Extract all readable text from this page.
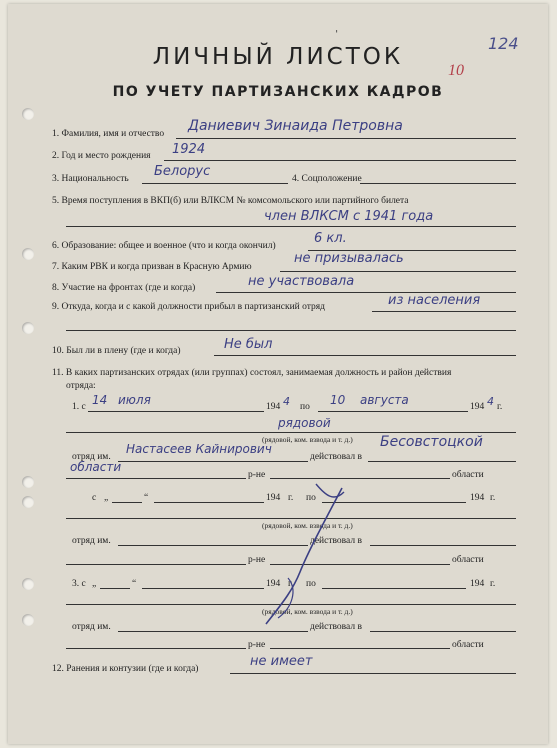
ˈ
ЛИЧНЫЙ ЛИСТОК
ПО УЧЕТУ ПАРТИЗАНСКИХ КАДРОВ
124
10
1. Фамилия, имя и отчество Даниевич Зинаида Петровна
2. Год и место рождения 1924
3. Национальность Белорус	4. Соцположение
5. Время поступления в ВКП(б) или ВЛКСМ № комсомольского или партийного билета
член ВЛКСМ с 1941 года
6. Образование: общее и военное (что и когда окончил)	6 кл.
7. Каким РВК и когда призван в Красную Армию
не призывалась
8. Участие на фронтах (где и когда)	не участвовала
9. Откуда, когда и с какой должности прибыл в партизанский отряд	из населения
10. Был ли в плену (где и когда)	Не был
11. В каких партизанских отрядах (или группах) состоял, занимаемая должность и район действия
отряда:
1. с 14 июля	194 4 по 10 августа	194 4 г.
рядовой
(рядовой, ком. взвода и т. д.)
отряд им.
Настасеев Кайнирович
действовал в
Бесовстоцкой
области
р-не	области
с „	“	194 г. по	194 г.
(рядовой, ком. взвода и т. д.)
отряд им.	действовал в
р-не	области
3. с „	“	194 г. по	194 г.
(рядовой, ком. взвода и т. д.)
отряд им.	действовал в
р-не	области
12. Ранения и контузии (где и когда)	не имеет
